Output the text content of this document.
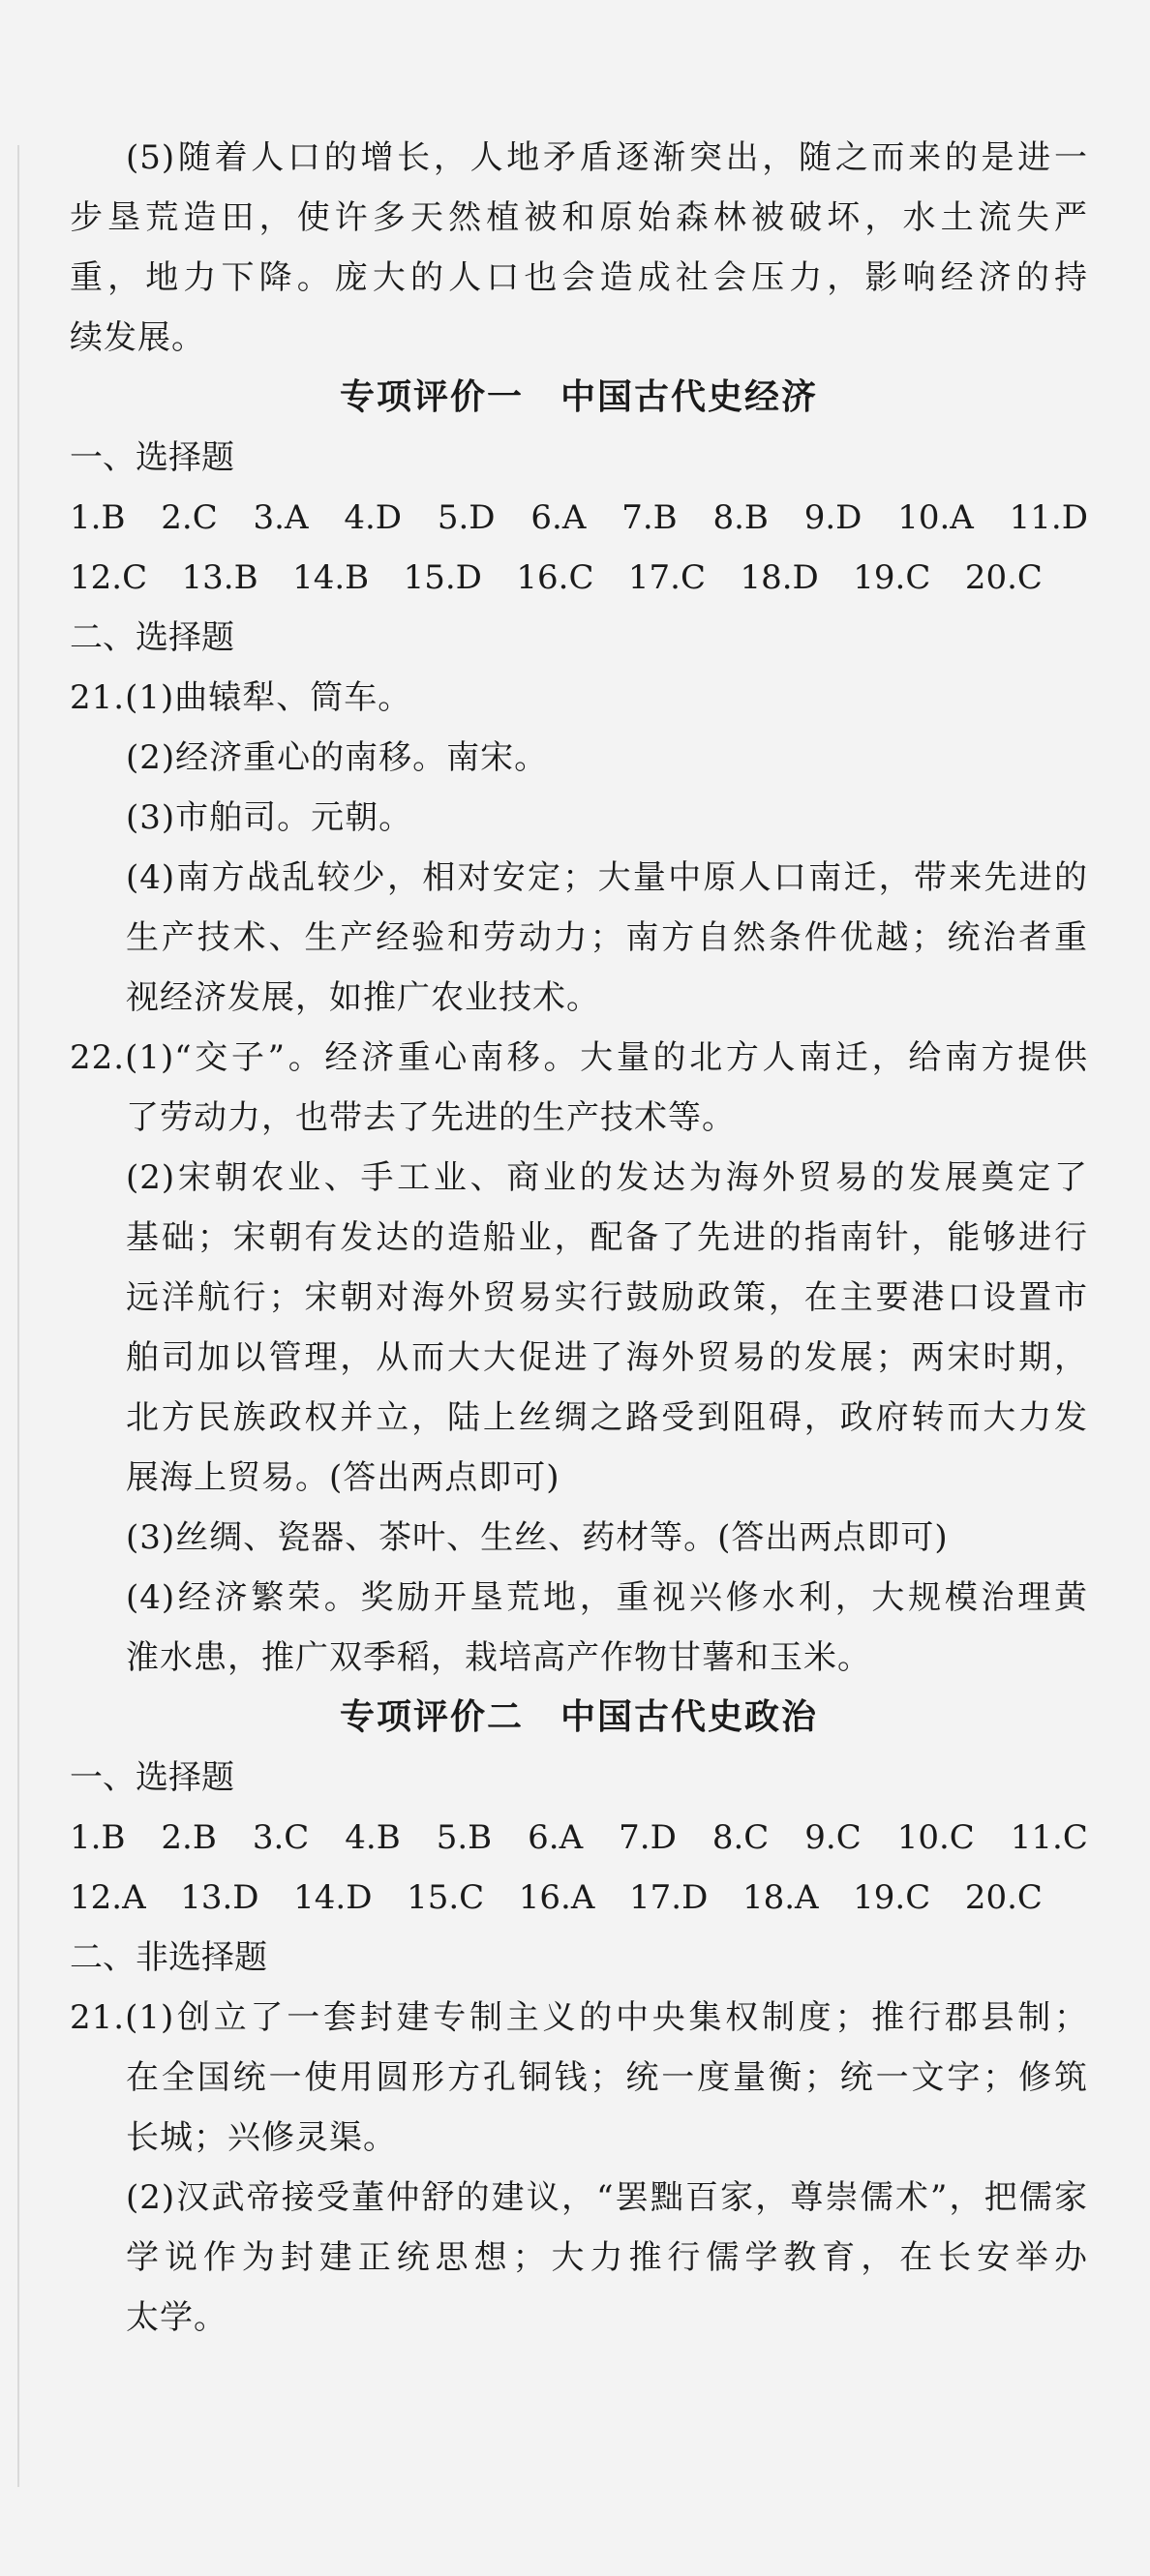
(5)随着人口的增长，人地矛盾逐渐突出，随之而来的是进一
步垦荒造田，使许多天然植被和原始森林被破坏，水土流失严
重，地力下降。庞大的人口也会造成社会压力，影响经济的持
续发展。
专项评价一　中国古代史经济
一、选择题
1.B 2.C 3.A 4.D 5.D 6.A 7.B 8.B 9.D 10.A 11.D
12.C 13.B 14.B 15.D 16.C 17.C 18.D 19.C 20.C
二、选择题
21.(1)曲辕犁、筒车。
(2)经济重心的南移。南宋。
(3)市舶司。元朝。
(4)南方战乱较少，相对安定；大量中原人口南迁，带来先进的
生产技术、生产经验和劳动力；南方自然条件优越；统治者重
视经济发展，如推广农业技术。
22.(1)“交子”。经济重心南移。大量的北方人南迁，给南方提供
了劳动力，也带去了先进的生产技术等。
(2)宋朝农业、手工业、商业的发达为海外贸易的发展奠定了
基础；宋朝有发达的造船业，配备了先进的指南针，能够进行
远洋航行；宋朝对海外贸易实行鼓励政策，在主要港口设置市
舶司加以管理，从而大大促进了海外贸易的发展；两宋时期，
北方民族政权并立，陆上丝绸之路受到阻碍，政府转而大力发
展海上贸易。(答出两点即可)
(3)丝绸、瓷器、茶叶、生丝、药材等。(答出两点即可)
(4)经济繁荣。奖励开垦荒地，重视兴修水利，大规模治理黄
淮水患，推广双季稻，栽培高产作物甘薯和玉米。
专项评价二　中国古代史政治
一、选择题
1.B 2.B 3.C 4.B 5.B 6.A 7.D 8.C 9.C 10.C 11.C
12.A 13.D 14.D 15.C 16.A 17.D 18.A 19.C 20.C
二、非选择题
21.(1)创立了一套封建专制主义的中央集权制度；推行郡县制；
在全国统一使用圆形方孔铜钱；统一度量衡；统一文字；修筑
长城；兴修灵渠。
(2)汉武帝接受董仲舒的建议，“罢黜百家，尊崇儒术”，把儒家
学说作为封建正统思想；大力推行儒学教育，在长安举办
太学。
